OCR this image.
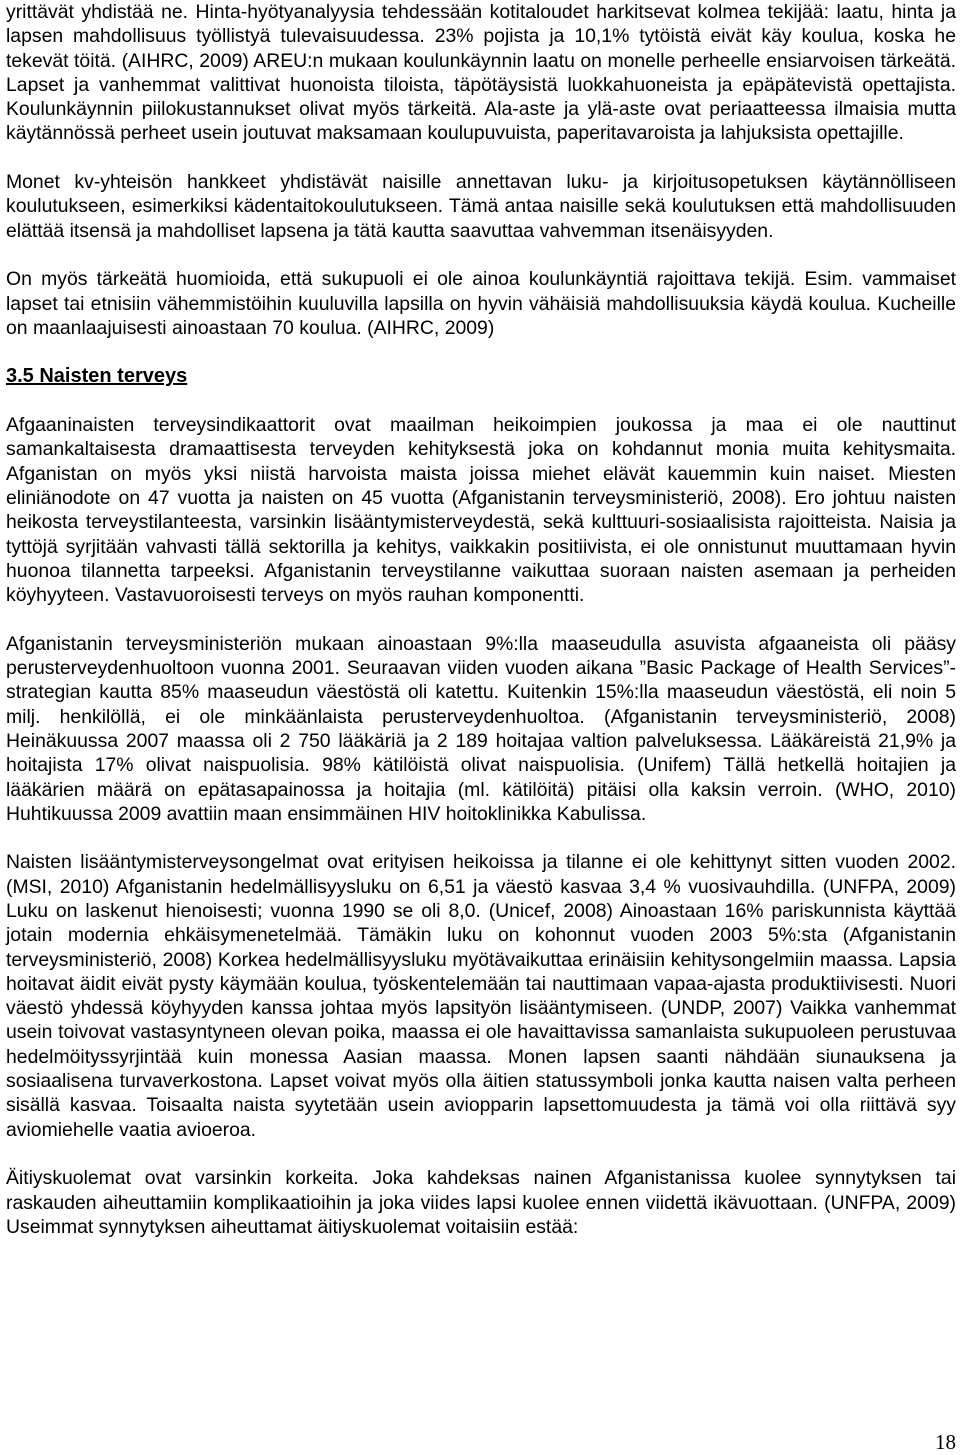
yrittävät yhdistää ne. Hinta-hyötyanalyysia tehdessään kotitaloudet harkitsevat kolmea tekijää: laatu, hinta ja lapsen mahdollisuus työllistyä tulevaisuudessa. 23% pojista ja 10,1% tytöistä eivät käy koulua, koska he tekevät töitä. (AIHRC, 2009) AREU:n mukaan koulunkäynnin laatu on monelle perheelle ensiarvoisen tärkeätä. Lapset ja vanhemmat valittivat huonoista tiloista, täpötäysistä luokkahuoneista ja epäpätevistä opettajista. Koulunkäynnin piilokustannukset olivat myös tärkeitä. Ala-aste ja ylä-aste ovat periaatteessa ilmaisia mutta käytännössä perheet usein joutuvat maksamaan koulupuvuista, paperitavaroista ja lahjuksista opettajille.

Monet kv-yhteisön hankkeet yhdistävät naisille annettavan luku- ja kirjoitusopetuksen käytännölliseen koulutukseen, esimerkiksi kädentaitokoulutukseen. Tämä antaa naisille sekä koulutuksen että mahdollisuuden elättää itsensä ja mahdolliset lapsena ja tätä kautta saavuttaa vahvemman itsenäisyyden.

On myös tärkeätä huomioida, että sukupuoli ei ole ainoa koulunkäyntiä rajoittava tekijä. Esim. vammaiset lapset tai etnisiin vähemmistöihin kuuluvilla lapsilla on hyvin vähäisiä mahdollisuuksia käydä koulua. Kucheille on maanlaajuisesti ainoastaan 70 koulua. (AIHRC, 2009)

3.5 Naisten terveys

Afgaaninaisten terveysindikaattorit ovat maailman heikoimpien joukossa ja maa ei ole nauttinut samankaltaisesta dramaattisesta terveyden kehityksestä joka on kohdannut monia muita kehitysmaita. Afganistan on myös yksi niistä harvoista maista joissa miehet elävät kauemmin kuin naiset. Miesten eliniänodote on 47 vuotta ja naisten on 45 vuotta (Afganistanin terveysministeriö, 2008). Ero johtuu naisten heikosta terveystilanteesta, varsinkin lisääntymisterveydestä, sekä kulttuuri-sosiaalisista rajoitteista. Naisia ja tyttöjä syrjitään vahvasti tällä sektorilla ja kehitys, vaikkakin positiivista, ei ole onnistunut muuttamaan hyvin huonoa tilannetta tarpeeksi. Afganistanin terveystilanne vaikuttaa suoraan naisten asemaan ja perheiden köyhyyteen. Vastavuoroisesti terveys on myös rauhan komponentti.

Afganistanin terveysministeriön mukaan ainoastaan 9%:lla maaseudulla asuvista afgaaneista oli pääsy perusterveydenhuoltoon vuonna 2001. Seuraavan viiden vuoden aikana ”Basic Package of Health Services”-strategian kautta 85% maaseudun väestöstä oli katettu. Kuitenkin 15%:lla maaseudun väestöstä, eli noin 5 milj. henkilöllä, ei ole minkäänlaista perusterveydenhuoltoa. (Afganistanin terveysministeriö, 2008) Heinäkuussa 2007 maassa oli 2 750 lääkäriä ja 2 189 hoitajaa valtion palveluksessa. Lääkäreistä 21,9% ja hoitajista 17% olivat naispuolisia. 98% kätilöistä olivat naispuolisia. (Unifem) Tällä hetkellä hoitajien ja lääkärien määrä on epätasapainossa ja hoitajia (ml. kätilöitä) pitäisi olla kaksin verroin. (WHO, 2010) Huhtikuussa 2009 avattiin maan ensimmäinen HIV hoitoklinikka Kabulissa.

Naisten lisääntymisterveysongelmat ovat erityisen heikoissa ja tilanne ei ole kehittynyt sitten vuoden 2002. (MSI, 2010) Afganistanin hedelmällisyysluku on 6,51 ja väestö kasvaa 3,4 % vuosivauhdilla. (UNFPA, 2009) Luku on laskenut hienoisesti; vuonna 1990 se oli 8,0. (Unicef, 2008) Ainoastaan 16% pariskunnista käyttää jotain modernia ehkäisymenetelmää. Tämäkin luku on kohonnut vuoden 2003 5%:sta (Afganistanin terveysministeriö, 2008) Korkea hedelmällisyysluku myötävaikuttaa erinäisiin kehitysongelmiin maassa. Lapsia hoitavat äidit eivät pysty käymään koulua, työskentelemään tai nauttimaan vapaa-ajasta produktiivisesti. Nuori väestö yhdessä köyhyyden kanssa johtaa myös lapsityön lisääntymiseen. (UNDP, 2007) Vaikka vanhemmat usein toivovat vastasyntyneen olevan poika, maassa ei ole havaittavissa samanlaista sukupuoleen perustuvaa hedelmöityssyrjintää kuin monessa Aasian maassa. Monen lapsen saanti nähdään siunauksena ja sosiaalisena turvaverkostona. Lapset voivat myös olla äitien statussymboli jonka kautta naisen valta perheen sisällä kasvaa. Toisaalta naista syytetään usein aviopparin lapsettomuudesta ja tämä voi olla riittävä syy aviomiehelle vaatia avioeroa.

Äitiyskuolemat ovat varsinkin korkeita. Joka kahdeksas nainen Afganistanissa kuolee synnytyksen tai raskauden aiheuttamiin komplikaatioihin ja joka viides lapsi kuolee ennen viidettä ikävuottaan. (UNFPA, 2009) Useimmat synnytyksen aiheuttamat äitiyskuolemat voitaisiin estää:

18
